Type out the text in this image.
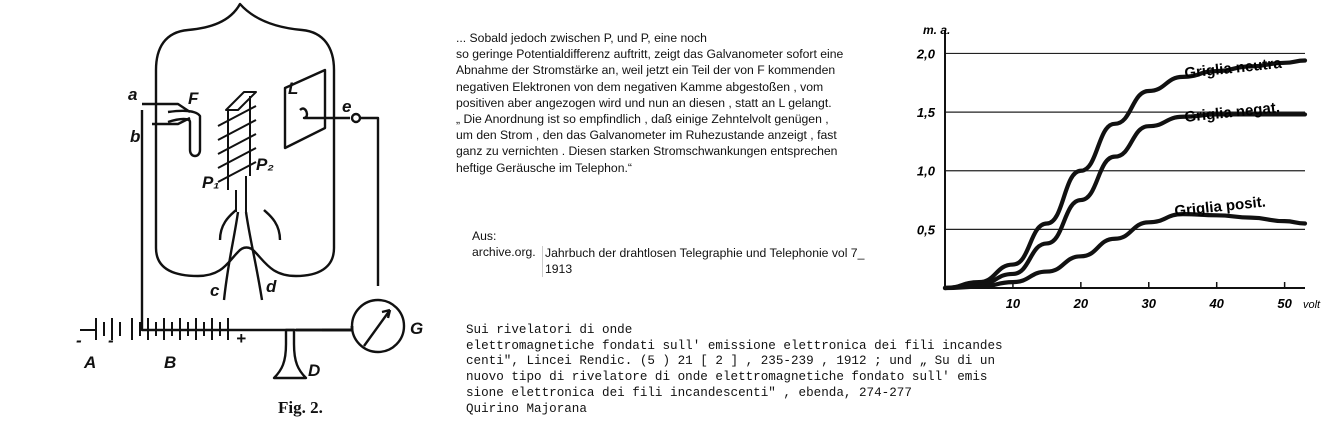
a
b
F
L
e
P₁
P₂
c	d
- -	+
A	B	D
G
Fig. 2.

... Sobald jedoch zwischen P, und P, eine noch

so geringe Potentialdifferenz auftritt, zeigt das Galvanometer sofort eine

Abnahme der Stromstärke an, weil jetzt ein Teil der von F kommenden

negativen Elektronen von dem negativen Kamme abgestoßen , vom

positiven aber angezogen wird und nun an diesen , statt an L gelangt.

„ Die Anordnung ist so empfindlich , daß einige Zehntelvolt genügen ,

um den Strom , den das Galvanometer im Ruhezustande anzeigt , fast

ganz zu vernichten . Diesen starken Stromschwankungen entsprechen

heftige Geräusche im Telephon.“

Aus:
archive.org. Jahrbuch der drahtlosen Telegraphie und Telephonie vol 7_
1913
Sui rivelatori di onde
elettromagnetiche fondati sull' emissione elettronica dei fili incandes
centi", Lincei Rendic. (5 ) 21 [ 2 ] , 235-239 , 1912 ; und „ Su di un
nuovo tipo di rivelatore di onde elettromagnetiche fondato sull' emis
sione elettronica dei fili incandescenti" , ebenda, 274-277
Quirino Majorana
0,5
1,0
1,5
2,0
10	20	30	40	50
m. a.
volt
Griglia neutra
Griglia negat.
Griglia posit.
